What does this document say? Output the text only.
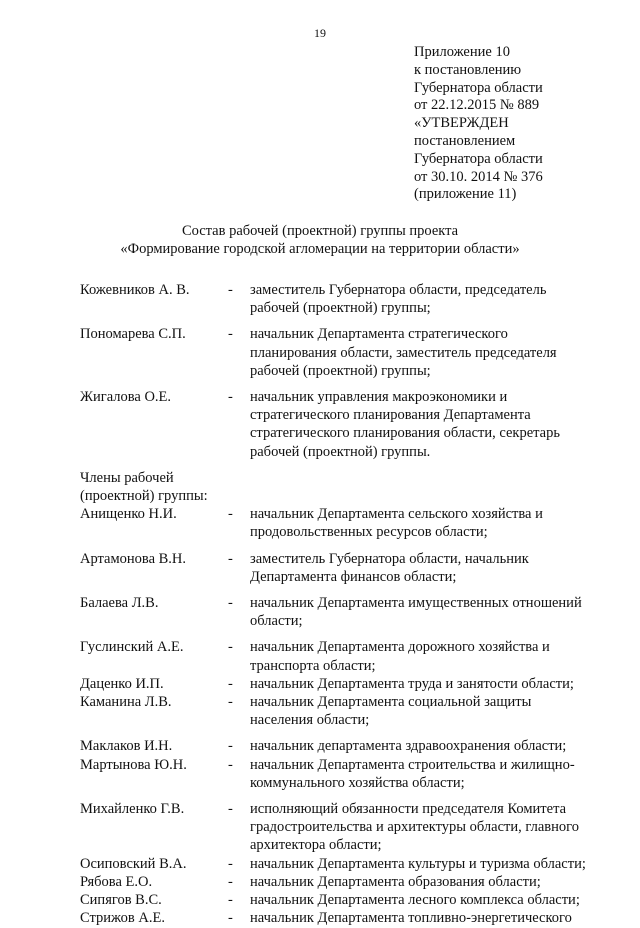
19
Приложение 10
к постановлению
Губернатора области
от 22.12.2015 № 889
«УТВЕРЖДЕН
постановлением
Губернатора области
от 30.10. 2014 № 376
(приложение 11)
Состав рабочей (проектной) группы проекта
«Формирование городской агломерации на территории области»
Кожевников А. В.	-	заместитель Губернатора области, председатель
рабочей (проектной) группы;
Пономарева С.П.	-	начальник Департамента стратегического
планирования области, заместитель председателя
рабочей (проектной) группы;
Жигалова О.Е.	-	начальник управления макроэкономики и
стратегического планирования Департамента
стратегического планирования области, секретарь
рабочей (проектной) группы.
Члены рабочей
(проектной) группы:
Анищенко Н.И.	-	начальник Департамента сельского хозяйства и
продовольственных ресурсов области;
Артамонова В.Н.	-	заместитель Губернатора области, начальник
Департамента финансов области;
Балаева Л.В.	-	начальник Департамента имущественных отношений
области;
Гуслинский А.Е.	-	начальник Департамента дорожного хозяйства и
транспорта области;
Даценко И.П.	-	начальник Департамента труда и занятости области;
Каманина Л.В.	-	начальник Департамента социальной защиты
населения области;
Маклаков И.Н.	-	начальник департамента здравоохранения области;
Мартынова Ю.Н.	-	начальник Департамента строительства и жилищно-
коммунального хозяйства области;
Михайленко Г.В.	-	исполняющий обязанности председателя Комитета
градостроительства и архитектуры области, главного
архитектора области;
Осиповский В.А.	-	начальник Департамента культуры и туризма области;
Рябова Е.О.	-	начальник Департамента образования области;
Сипягов В.С.	-	начальник Департамента лесного комплекса области;
Стрижов А.Е.	-	начальник Департамента топливно-энергетического
